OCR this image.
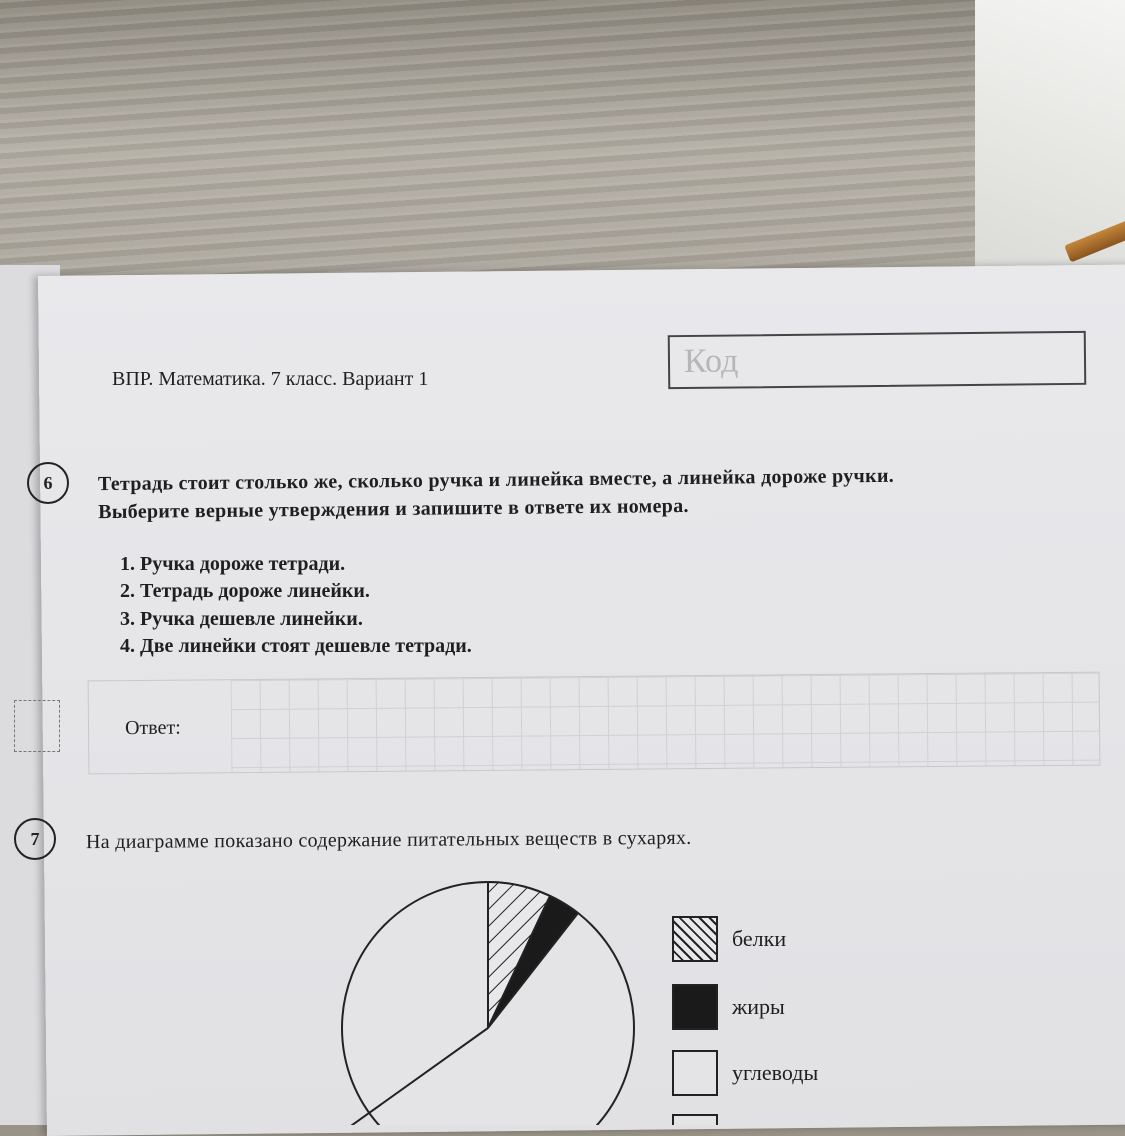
ВПР. Математика. 7 класс. Вариант 1	Код
6 Тетрадь стоит столько же, сколько ручка и линейка вместе, а линейка дороже ручки.
Выберите верные утверждения и запишите в ответе их номера.
1. Ручка дороже тетради.
2. Тетрадь дороже линейки.
3. Ручка дешевле линейки.
4. Две линейки стоят дешевле тетради.
Ответ:
7 На диаграмме показано содержание питательных веществ в сухарях.
белки
жиры
углеводы
